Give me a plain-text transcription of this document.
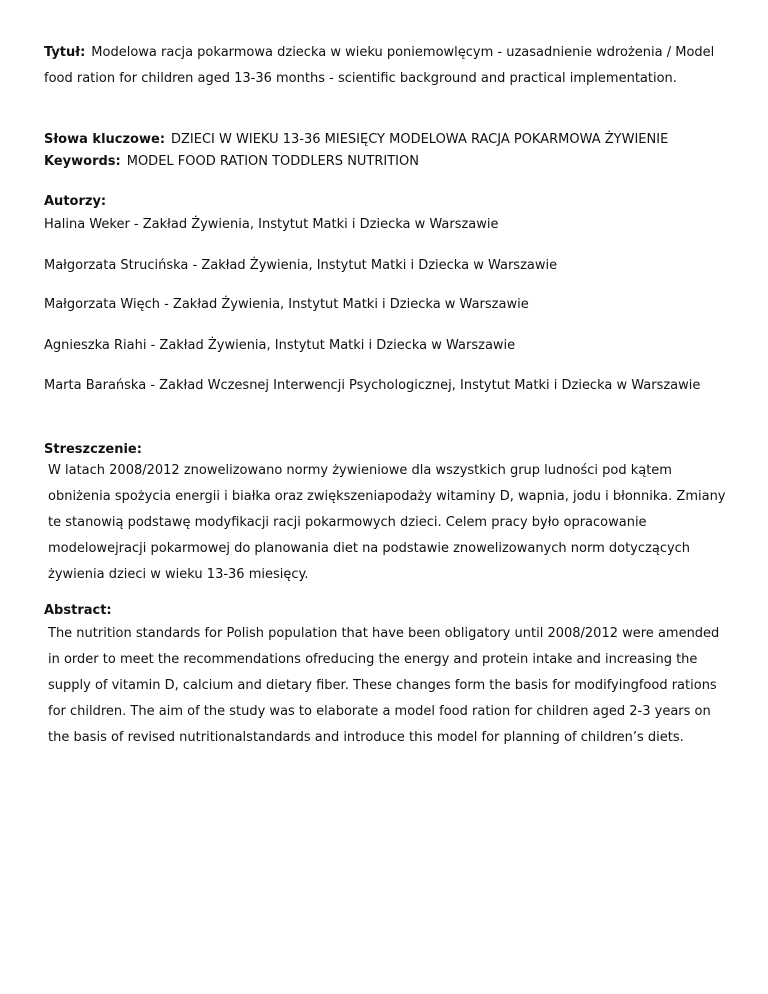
Tytuł: Modelowa racja pokarmowa dziecka w wieku poniemowlęcym - uzasadnienie wdrożenia / Model food ration for children aged 13-36 months - scientific background and practical implementation.
Słowa kluczowe: DZIECI W WIEKU 13-36 MIESIĘCY MODELOWA RACJA POKARMOWA ŻYWIENIE
Keywords: MODEL FOOD RATION TODDLERS NUTRITION
Autorzy:
Halina Weker - Zakład Żywienia, Instytut Matki i Dziecka w Warszawie
Małgorzata Strucińska - Zakład Żywienia, Instytut Matki i Dziecka w Warszawie
Małgorzata Więch - Zakład Żywienia, Instytut Matki i Dziecka w Warszawie
Agnieszka Riahi - Zakład Żywienia, Instytut Matki i Dziecka w Warszawie
Marta Barańska - Zakład Wczesnej Interwencji Psychologicznej, Instytut Matki i Dziecka w Warszawie
Streszczenie:
W latach 2008/2012 znowelizowano normy żywieniowe dla wszystkich grup ludności pod kątem obniżenia spożycia energii i białka oraz zwiększeniapodaży witaminy D, wapnia, jodu i błonnika. Zmiany te stanowią podstawę modyfikacji racji pokarmowych dzieci. Celem pracy było opracowanie modelowejracji pokarmowej do planowania diet na podstawie znowelizowanych norm dotyczących żywienia dzieci w wieku 13-36 miesięcy.
Abstract:
The nutrition standards for Polish population that have been obligatory until 2008/2012 were amended in order to meet the recommendations ofreducing the energy and protein intake and increasing the supply of vitamin D, calcium and dietary fiber. These changes form the basis for modifyingfood rations for children. The aim of the study was to elaborate a model food ration for children aged 2-3 years on the basis of revised nutritionalstandards and introduce this model for planning of children’s diets.
